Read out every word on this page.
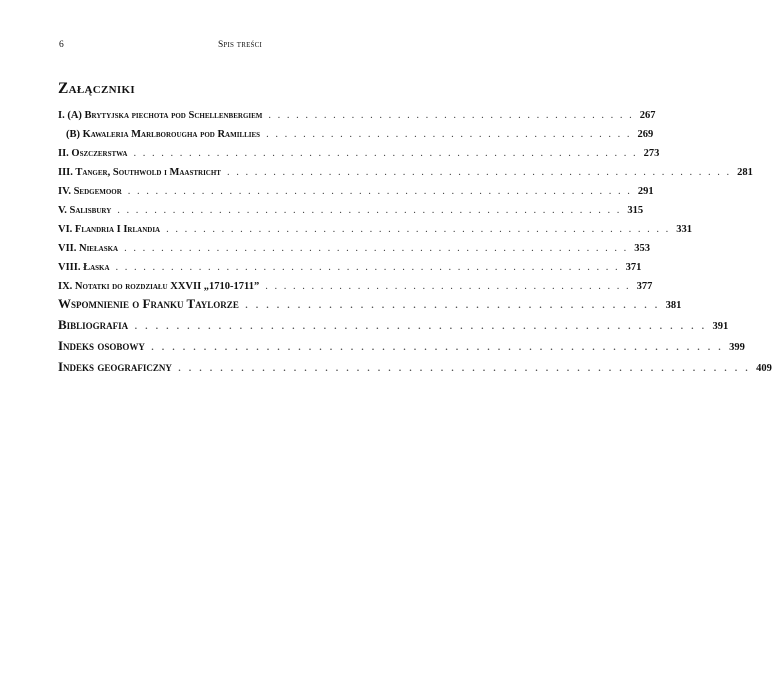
6	Spis treści
Załączniki
I. (A) Brytyjska piechota pod Schellenbergiem . . . . . . . . . . . . . . . . . . . . . . . . . . . . . . . . . . . . . . . . 267
(B) Kawaleria Marlborougha pod Ramillies . . . . . . . . . . . . . . . . . . . . . . . . . . . . . . . . . . . . . . . . 269
II. Oszczerstwa . . . . . . . . . . . . . . . . . . . . . . . . . . . . . . . . . . . . . . . . . . . . . . . . . . . . . . . 273
III. Tanger, Southwold i Maastricht . . . . . . . . . . . . . . . . . . . . . . . . . . . . . . . . . . . . . . . . . . . . . . . . . . . . . . . 281
IV. Sedgemoor . . . . . . . . . . . . . . . . . . . . . . . . . . . . . . . . . . . . . . . . . . . . . . . . . . . . . . . 291
V. Salisbury . . . . . . . . . . . . . . . . . . . . . . . . . . . . . . . . . . . . . . . . . . . . . . . . . . . . . . . 315
VI. Flandria I Irlandia . . . . . . . . . . . . . . . . . . . . . . . . . . . . . . . . . . . . . . . . . . . . . . . . . . . . . . . 331
VII. Niełaska . . . . . . . . . . . . . . . . . . . . . . . . . . . . . . . . . . . . . . . . . . . . . . . . . . . . . . . 353
VIII. Łaska . . . . . . . . . . . . . . . . . . . . . . . . . . . . . . . . . . . . . . . . . . . . . . . . . . . . . . . 371
IX. Notatki do rozdziału XXVII „1710-1711” . . . . . . . . . . . . . . . . . . . . . . . . . . . . . . . . . . . . . . . . 377
Wspomnienie o Franku Taylorze . . . . . . . . . . . . . . . . . . . . . . . . . . . . . . . . . . . . . . . . 381
Bibliografia . . . . . . . . . . . . . . . . . . . . . . . . . . . . . . . . . . . . . . . . . . . . . . . . . . . . . . . 391
Indeks osobowy . . . . . . . . . . . . . . . . . . . . . . . . . . . . . . . . . . . . . . . . . . . . . . . . . . . . . . . 399
Indeks geograficzny . . . . . . . . . . . . . . . . . . . . . . . . . . . . . . . . . . . . . . . . . . . . . . . . . . . . . . . 409
